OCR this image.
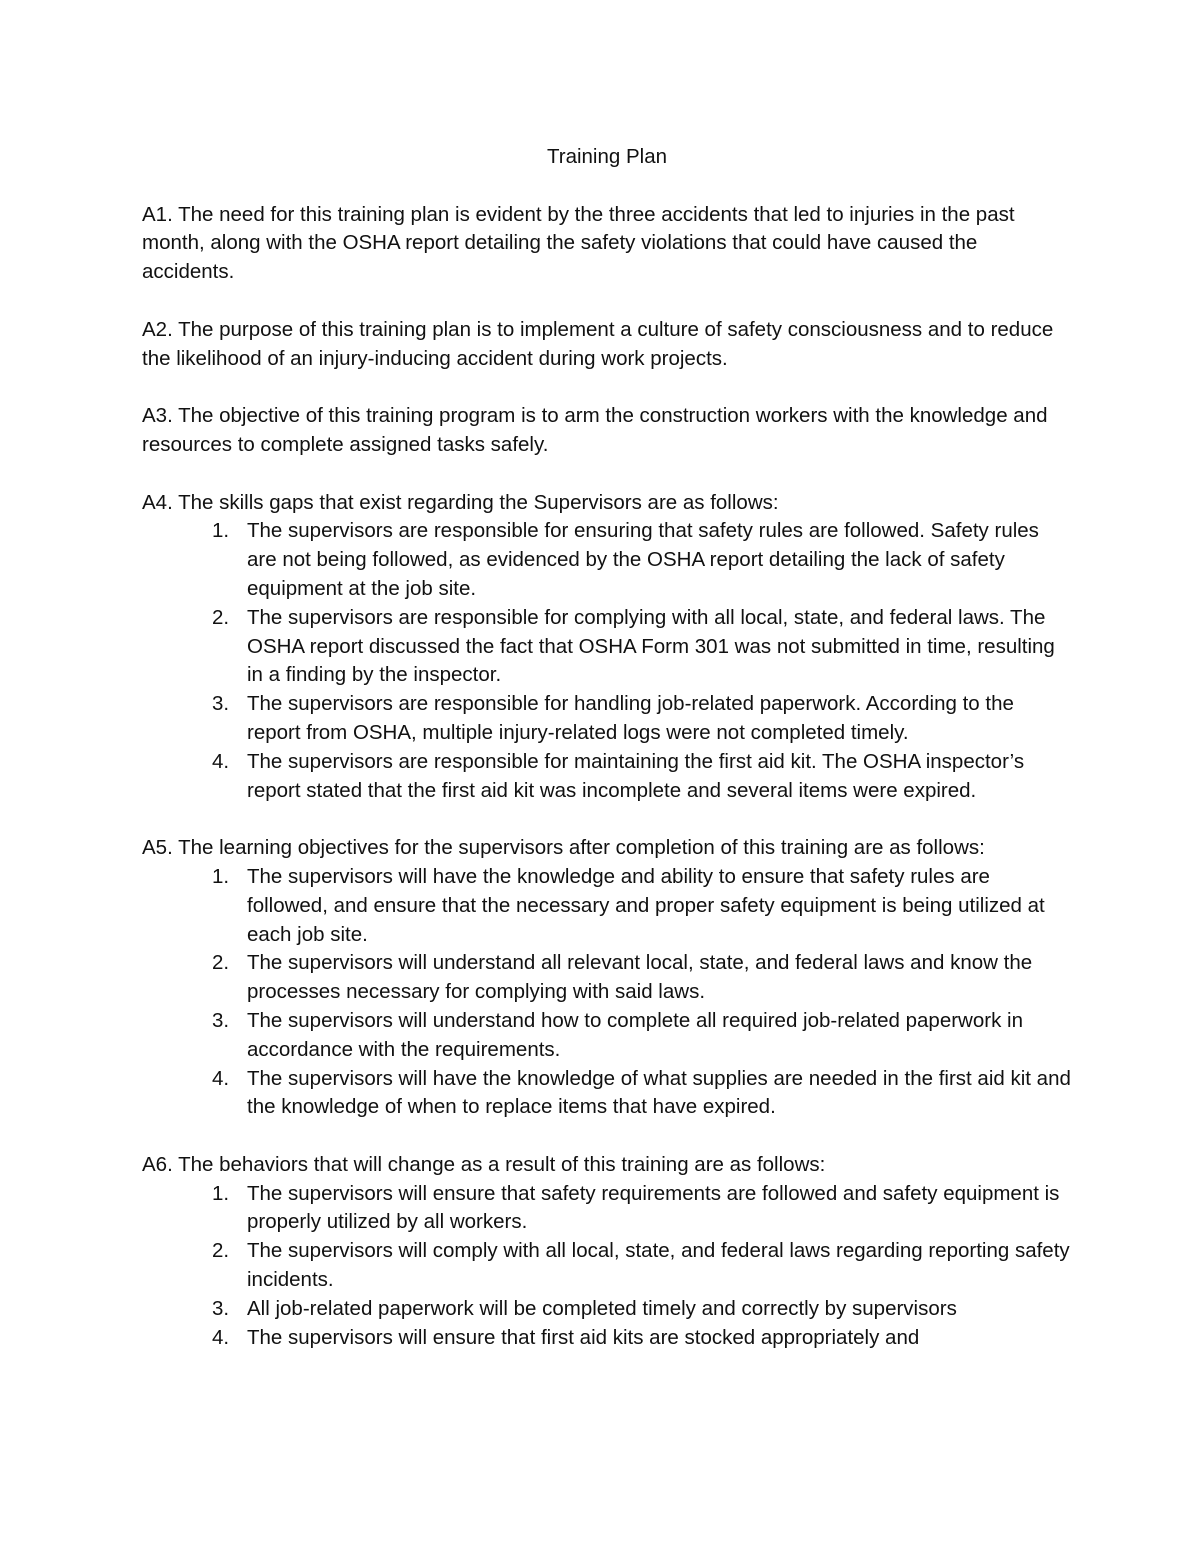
Training Plan

A1. The need for this training plan is evident by the three accidents that led to injuries in the past month, along with the OSHA report detailing the safety violations that could have caused the accidents.

A2. The purpose of this training plan is to implement a culture of safety consciousness and to reduce the likelihood of an injury-inducing accident during work projects.

A3. The objective of this training program is to arm the construction workers with the knowledge and resources to complete assigned tasks safely.

A4. The skills gaps that exist regarding the Supervisors are as follows:

1. The supervisors are responsible for ensuring that safety rules are followed. Safety rules are not being followed, as evidenced by the OSHA report detailing the lack of safety equipment at the job site.
2. The supervisors are responsible for complying with all local, state, and federal laws. The OSHA report discussed the fact that OSHA Form 301 was not submitted in time, resulting in a finding by the inspector.
3. The supervisors are responsible for handling job-related paperwork. According to the report from OSHA, multiple injury-related logs were not completed timely.
4. The supervisors are responsible for maintaining the first aid kit. The OSHA inspector’s report stated that the first aid kit was incomplete and several items were expired.

A5. The learning objectives for the supervisors after completion of this training are as follows:

1. The supervisors will have the knowledge and ability to ensure that safety rules are followed, and ensure that the necessary and proper safety equipment is being utilized at each job site.
2. The supervisors will understand all relevant local, state, and federal laws and know the processes necessary for complying with said laws.
3. The supervisors will understand how to complete all required job-related paperwork in accordance with the requirements.
4. The supervisors will have the knowledge of what supplies are needed in the first aid kit and the knowledge of when to replace items that have expired.

A6. The behaviors that will change as a result of this training are as follows:

1. The supervisors will ensure that safety requirements are followed and safety equipment is properly utilized by all workers.
2. The supervisors will comply with all local, state, and federal laws regarding reporting safety incidents.
3. All job-related paperwork will be completed timely and correctly by supervisors
4. The supervisors will ensure that first aid kits are stocked appropriately and
